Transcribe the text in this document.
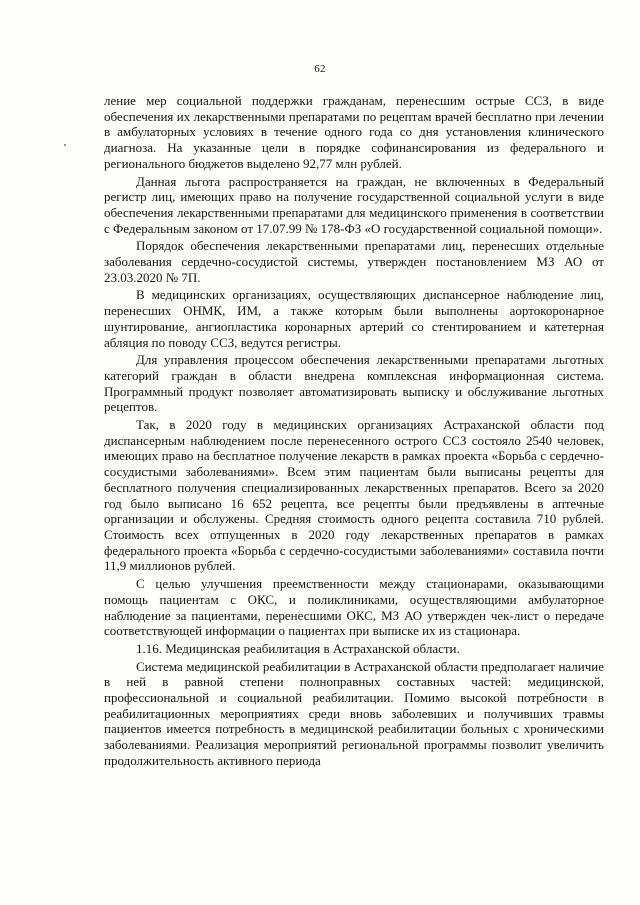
62

ление мер социальной поддержки гражданам, перенесшим острые ССЗ, в виде обеспечения их лекарственными препаратами по рецептам врачей бесплатно при лечении в амбулаторных условиях в течение одного года со дня установления клинического диагноза. На указанные цели в порядке софинансирования из федерального и регионального бюджетов выделено 92,77 млн рублей.

Данная льгота распространяется на граждан, не включенных в Федеральный регистр лиц, имеющих право на получение государственной социальной услуги в виде обеспечения лекарственными препаратами для медицинского применения в соответствии с Федеральным законом от 17.07.99 № 178-ФЗ «О государственной социальной помощи».

Порядок обеспечения лекарственными препаратами лиц, перенесших отдельные заболевания сердечно-сосудистой системы, утвержден постановлением МЗ АО от 23.03.2020 № 7П.

В медицинских организациях, осуществляющих диспансерное наблюдение лиц, перенесших ОНМК, ИМ, а также которым были выполнены аортокоронарное шунтирование, ангиопластика коронарных артерий со стентированием и катетерная абляция по поводу ССЗ, ведутся регистры.

Для управления процессом обеспечения лекарственными препаратами льготных категорий граждан в области внедрена комплексная информационная система. Программный продукт позволяет автоматизировать выписку и обслуживание льготных рецептов.

Так, в 2020 году в медицинских организациях Астраханской области под диспансерным наблюдением после перенесенного острого ССЗ состояло 2540 человек, имеющих право на бесплатное получение лекарств в рамках проекта «Борьба с сердечно-сосудистыми заболеваниями». Всем этим пациентам были выписаны рецепты для бесплатного получения специализированных лекарственных препаратов. Всего за 2020 год было выписано 16 652 рецепта, все рецепты были предъявлены в аптечные организации и обслужены. Средняя стоимость одного рецепта составила 710 рублей. Стоимость всех отпущенных в 2020 году лекарственных препаратов в рамках федерального проекта «Борьба с сердечно-сосудистыми заболеваниями» составила почти 11,9 миллионов рублей.

С целью улучшения преемственности между стационарами, оказывающими помощь пациентам с ОКС, и поликлиниками, осуществляющими амбулаторное наблюдение за пациентами, перенесшими ОКС, МЗ АО утвержден чек-лист о передаче соответствующей информации о пациентах при выписке их из стационара.

1.16. Медицинская реабилитация в Астраханской области.

Система медицинской реабилитации в Астраханской области предполагает наличие в ней в равной степени полноправных составных частей: медицинской, профессиональной и социальной реабилитации. Помимо высокой потребности в реабилитационных мероприятиях среди вновь заболевших и получивших травмы пациентов имеется потребность в медицинской реабилитации больных с хроническими заболеваниями. Реализация мероприятий региональной программы позволит увеличить продолжительность активного периода
